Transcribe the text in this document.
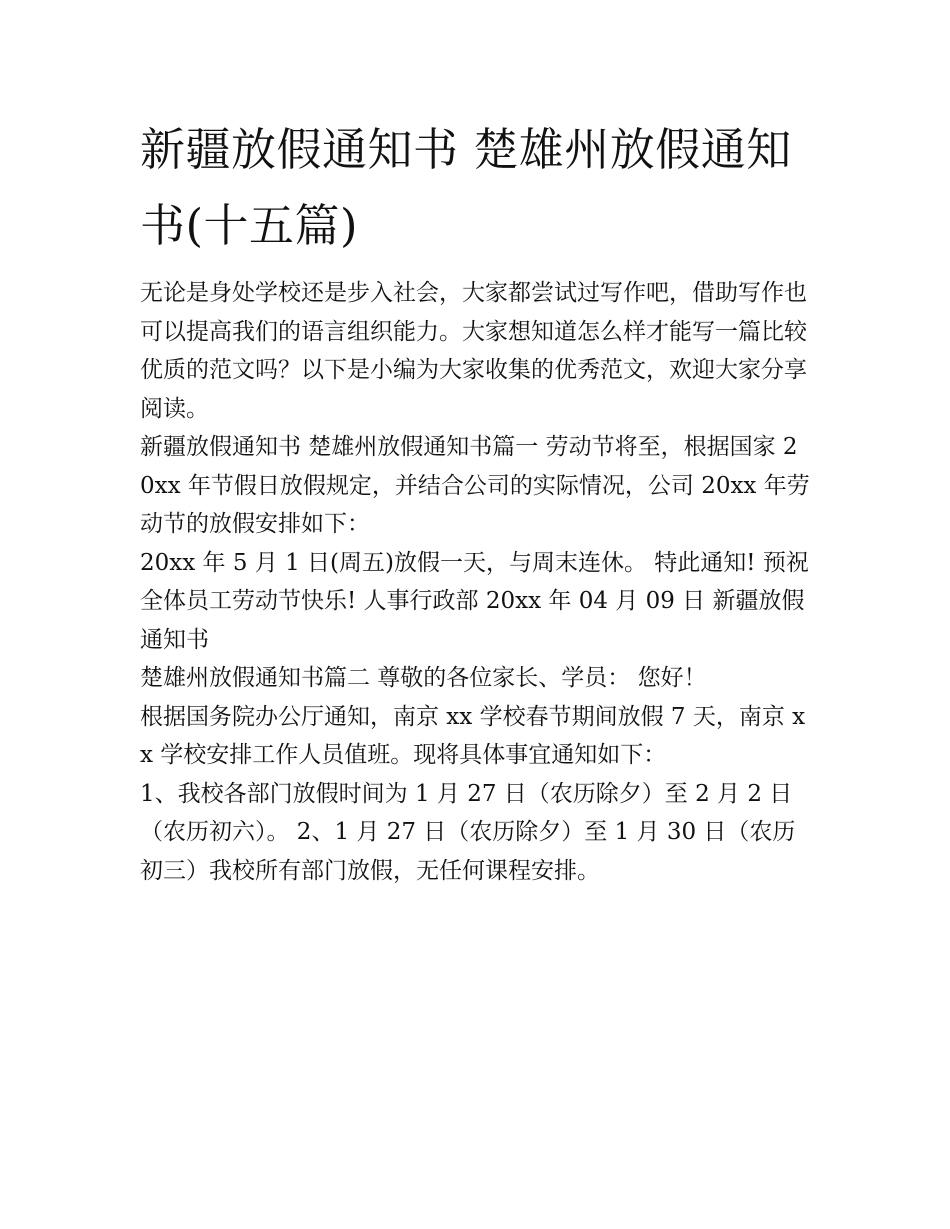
新疆放假通知书 楚雄州放假通知书(十五篇)

无论是身处学校还是步入社会，大家都尝试过写作吧，借助写作也可以提高我们的语言组织能力。大家想知道怎么样才能写一篇比较优质的范文吗？以下是小编为大家收集的优秀范文，欢迎大家分享阅读。

新疆放假通知书 楚雄州放假通知书篇一 劳动节将至，根据国家 20xx 年节假日放假规定，并结合公司的实际情况，公司 20xx 年劳动节的放假安排如下：

20xx 年 5 月 1 日(周五)放假一天，与周末连休。 特此通知! 预祝全体员工劳动节快乐! 人事行政部 20xx 年 04 月 09 日 新疆放假通知书

楚雄州放假通知书篇二 尊敬的各位家长、学员： 您好！

根据国务院办公厅通知，南京 xx 学校春节期间放假 7 天，南京 xx 学校安排工作人员值班。现将具体事宜通知如下：

1、我校各部门放假时间为 1 月 27 日（农历除夕）至 2 月 2 日（农历初六）。 2、1 月 27 日（农历除夕）至 1 月 30 日（农历初三）我校所有部门放假，无任何课程安排。
